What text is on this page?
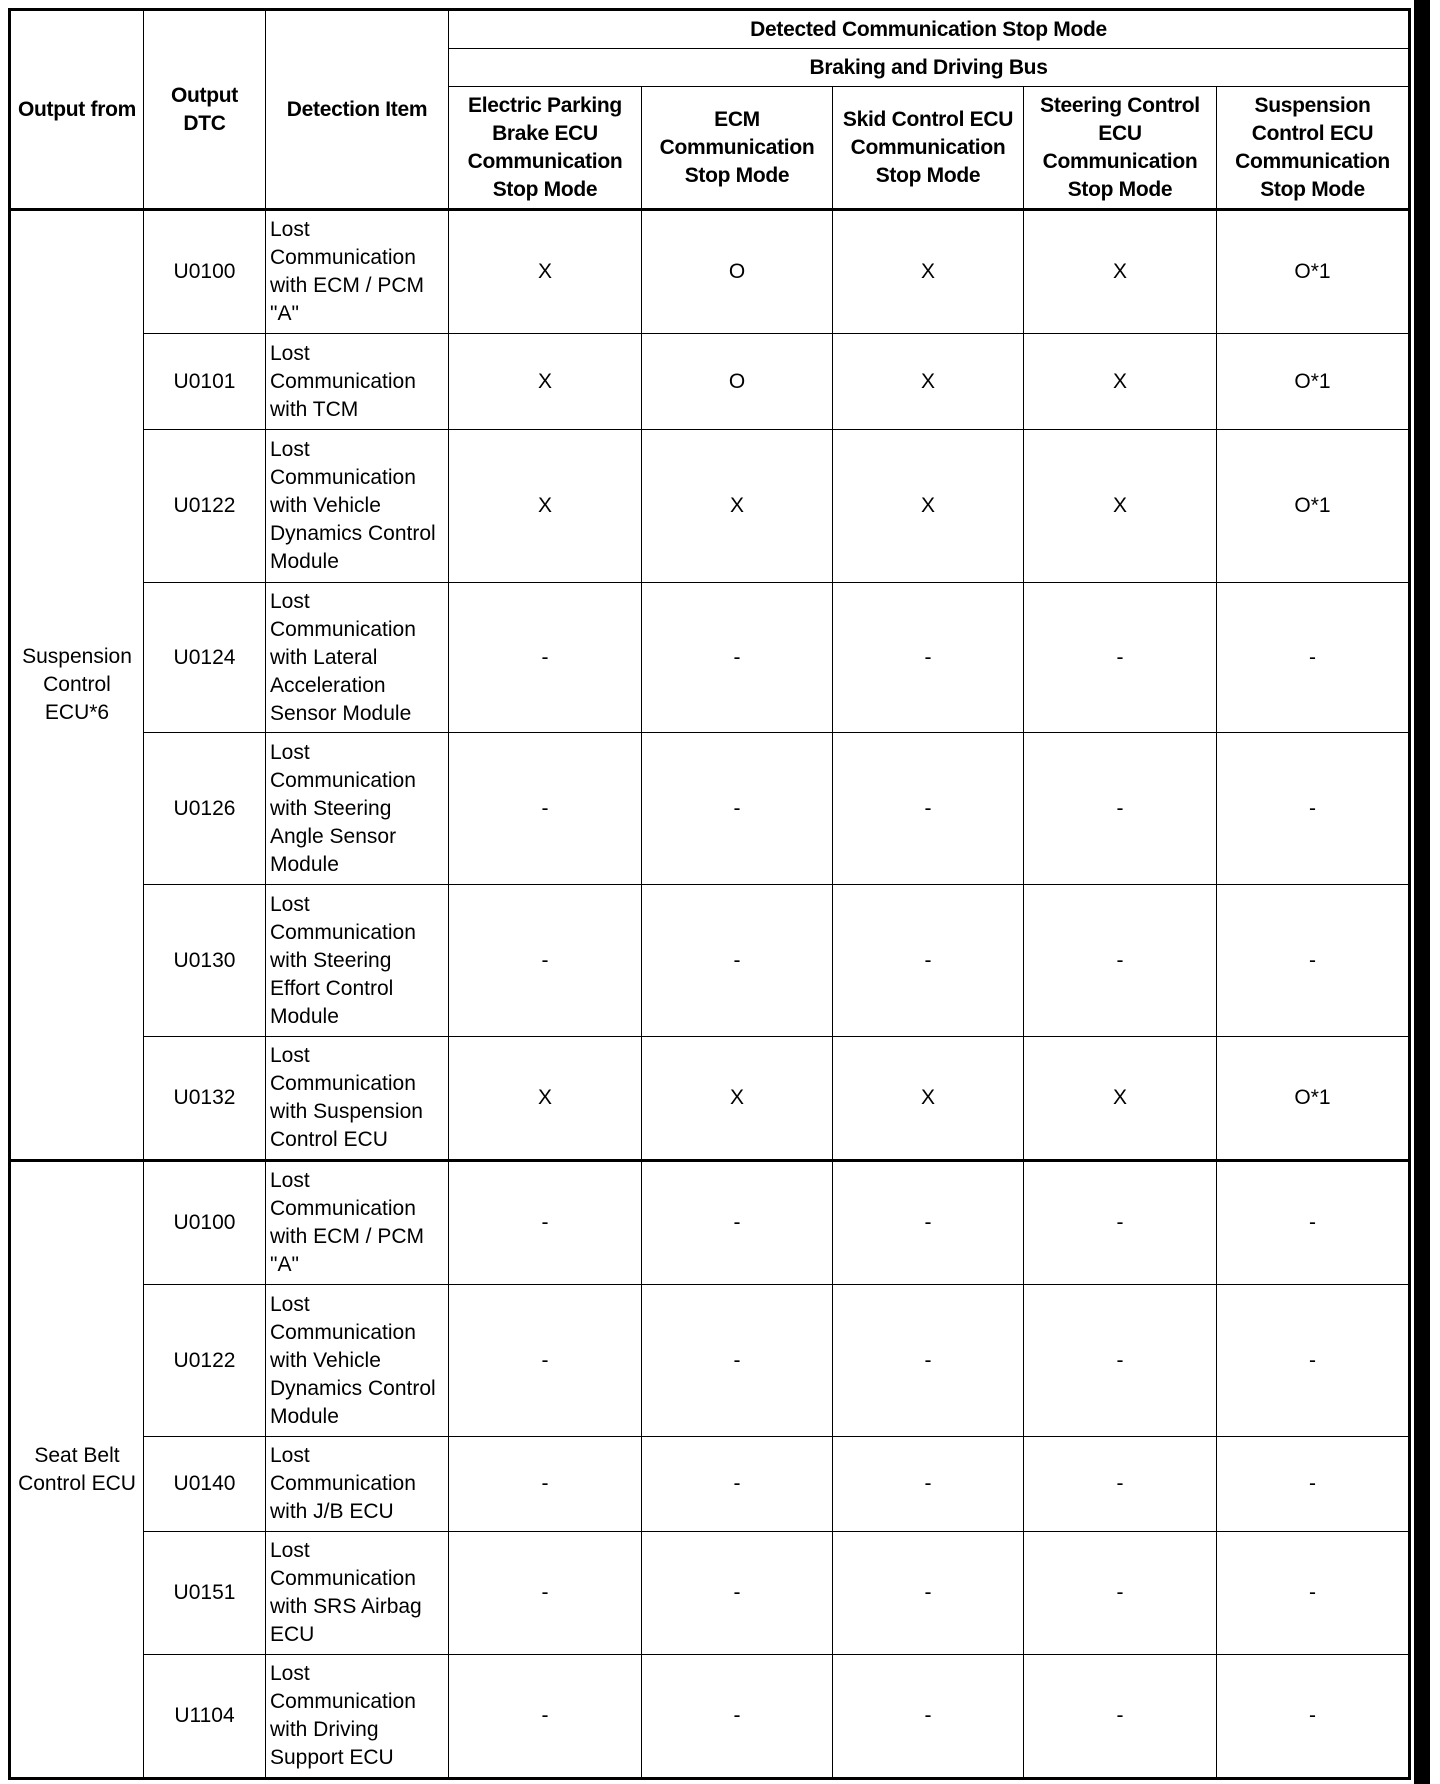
Output from	Output DTC	Detection Item	Detected Communication Stop Mode				
			Braking and Driving Bus				
			Electric Parking Brake ECU Communication Stop Mode	ECM Communication Stop Mode	Skid Control ECU Communication Stop Mode	Steering Control ECU Communication Stop Mode	Suspension Control ECU Communication Stop Mode
Suspension Control ECU*6	U0100	Lost Communication with ECM / PCM "A"	X	O	X	X	O*1
	U0101	Lost Communication with TCM	X	O	X	X	O*1
	U0122	Lost Communication with Vehicle Dynamics Control Module	X	X	X	X	O*1
	U0124	Lost Communication with Lateral Acceleration Sensor Module	-	-	-	-	-
	U0126	Lost Communication with Steering Angle Sensor Module	-	-	-	-	-
	U0130	Lost Communication with Steering Effort Control Module	-	-	-	-	-
	U0132	Lost Communication with Suspension Control ECU	X	X	X	X	O*1
Seat Belt Control ECU	U0100	Lost Communication with ECM / PCM "A"	-	-	-	-	-
	U0122	Lost Communication with Vehicle Dynamics Control Module	-	-	-	-	-
	U0140	Lost Communication with J/B ECU	-	-	-	-	-
	U0151	Lost Communication with SRS Airbag ECU	-	-	-	-	-
	U1104	Lost Communication with Driving Support ECU	-	-	-	-	-
